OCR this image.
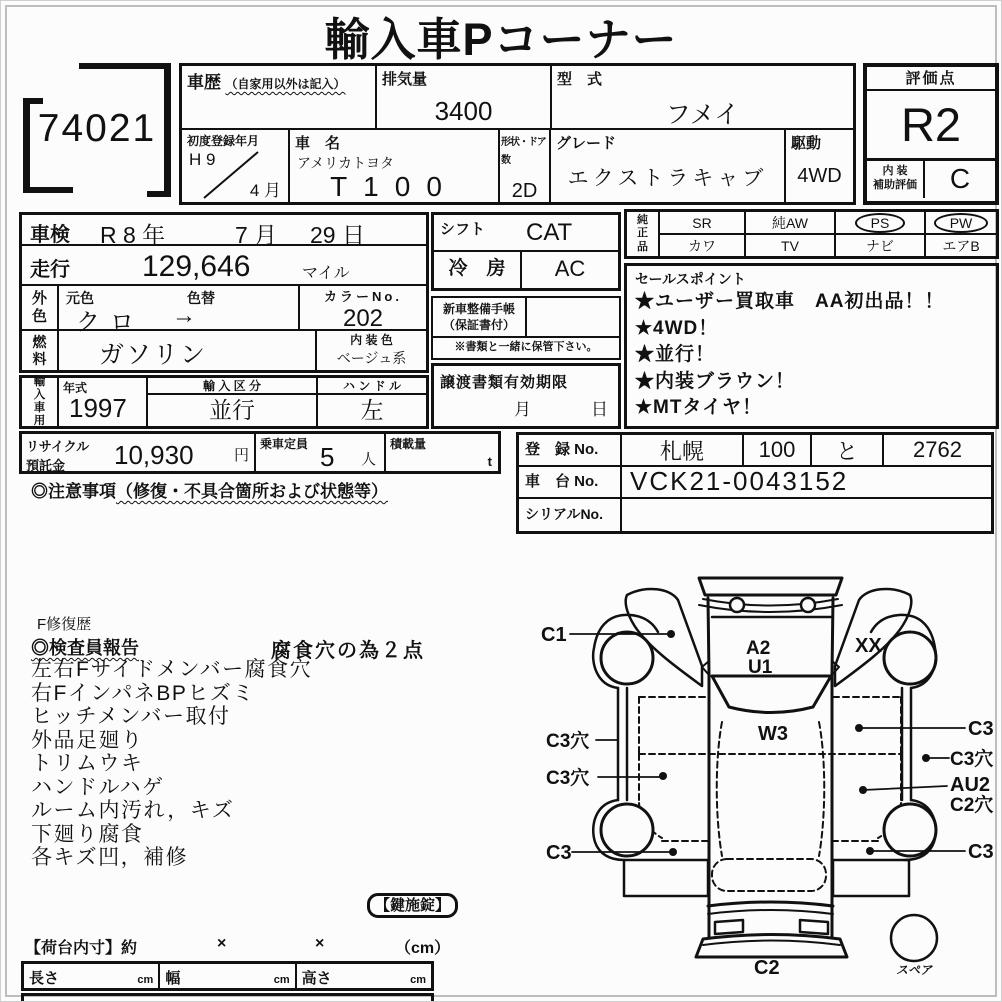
輸入車Pコーナー
74021
車歴 （自家用以外は記入）	排気量
3400
型　式
フメイ
初度登録年月
H 9
4 月
車　名
アメリカトヨタ
T100
形状・ドア数
2D
グレード
エクストラキャブ
駆動
4WD
評価点
R2
内 装
補助評価	C
車検 R 8 年	7 月 29 日
走行 129,646	マイル
外色
元色	色替
クロ →
カラーNo.
202
燃料 ガソリン
内 装 色
ベージュ系
輸入車用
年式
1997
輸 入 区 分
並行
ハ ン ド ル
左
シフト CAT
冷　房	AC
新車整備手帳
（保証書付）
※書類と一緒に保管下さい。
譲渡書類有効期限
月	日
純正品
SR	純AW	PS	PW
カワ	TV	ナビ	エアB
セールスポイント
★ユーザー買取車　AA初出品！！
★4WD！
★並行！
★内装ブラウン！
★MTタイヤ！
リサイクル
預託金	10,930	円
乗車定員 5 人
積載量
t
◎注意事項（修復・不具合箇所および状態等）
登　録 No.	札幌	100	と	2762
車　台 No.	VCK21-0043152
シリアルNo.
F修復歴
◎検査員報告	腐食穴の為２点
左右Fサイドメンバー腐食穴
右FインパネBPヒズミ
ヒッチメンバー取付
外品足廻り
トリムウキ
ハンドルハゲ
ルーム内汚れ，キズ
下廻り腐食
各キズ凹，補修
【鍵施錠】
【荷台内寸】約	×	×	（cm）
長さ	cm 幅	cm 高さ	cm
C1	XX
A2
U1
W3
C3穴
C3穴
C3穴
C3
C3	C3
AU2
C2穴
C2	スペア
